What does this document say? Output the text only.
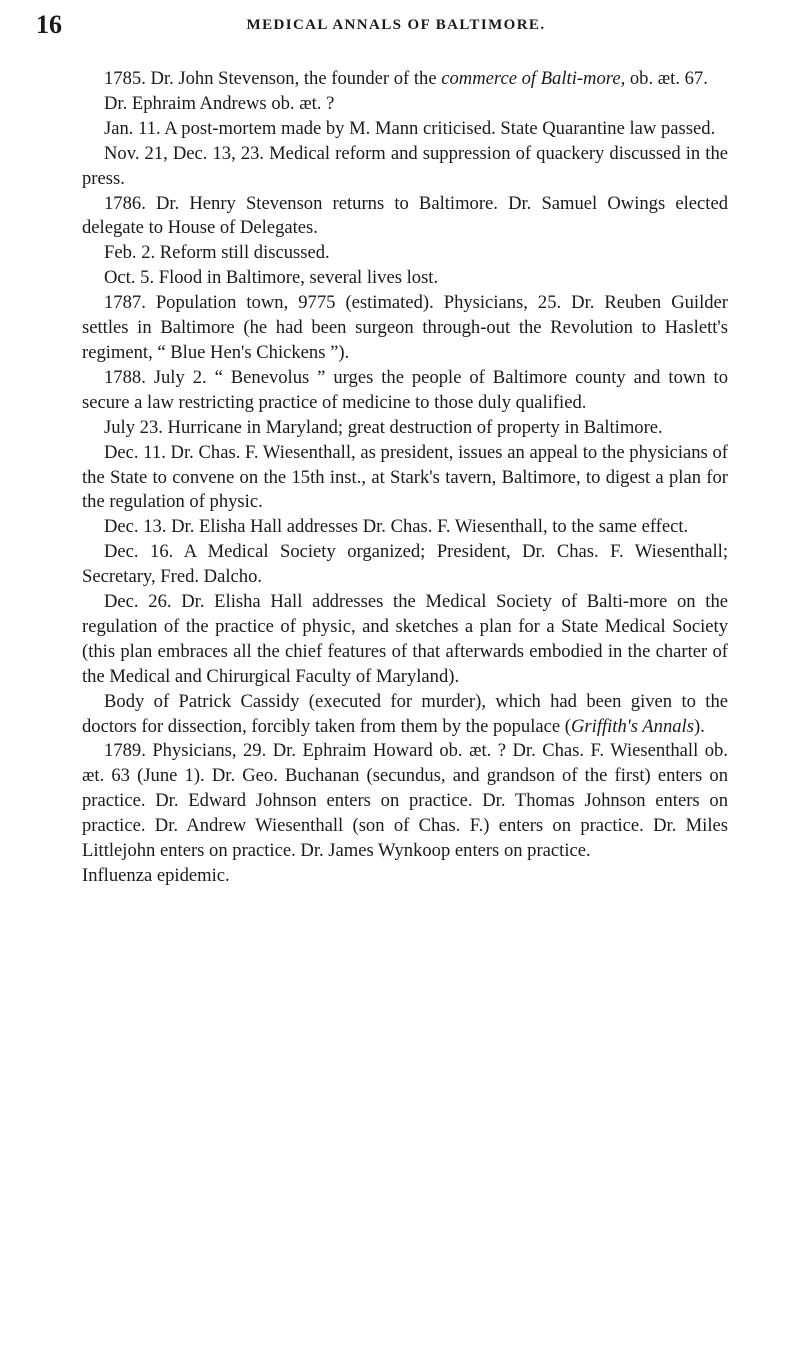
16	MEDICAL ANNALS OF BALTIMORE.

1785. Dr. John Stevenson, the founder of the commerce of Balti-more, ob. æt. 67.

Dr. Ephraim Andrews ob. æt. ?

Jan. 11. A post-mortem made by M. Mann criticised. State Quarantine law passed.

Nov. 21, Dec. 13, 23. Medical reform and suppression of quackery discussed in the press.

1786. Dr. Henry Stevenson returns to Baltimore. Dr. Samuel Owings elected delegate to House of Delegates.

Feb. 2. Reform still discussed.

Oct. 5. Flood in Baltimore, several lives lost.

1787. Population town, 9775 (estimated). Physicians, 25. Dr. Reuben Guilder settles in Baltimore (he had been surgeon through-out the Revolution to Haslett's regiment, “ Blue Hen's Chickens ”).

1788. July 2. “ Benevolus ” urges the people of Baltimore county and town to secure a law restricting practice of medicine to those duly qualified.

July 23. Hurricane in Maryland; great destruction of property in Baltimore.

Dec. 11. Dr. Chas. F. Wiesenthall, as president, issues an appeal to the physicians of the State to convene on the 15th inst., at Stark's tavern, Baltimore, to digest a plan for the regulation of physic.

Dec. 13. Dr. Elisha Hall addresses Dr. Chas. F. Wiesenthall, to the same effect.

Dec. 16. A Medical Society organized; President, Dr. Chas. F. Wiesenthall; Secretary, Fred. Dalcho.

Dec. 26. Dr. Elisha Hall addresses the Medical Society of Balti-more on the regulation of the practice of physic, and sketches a plan for a State Medical Society (this plan embraces all the chief features of that afterwards embodied in the charter of the Medical and Chirurgical Faculty of Maryland).

Body of Patrick Cassidy (executed for murder), which had been given to the doctors for dissection, forcibly taken from them by the populace (Griffith's Annals).

1789. Physicians, 29. Dr. Ephraim Howard ob. æt. ? Dr. Chas. F. Wiesenthall ob. æt. 63 (June 1). Dr. Geo. Buchanan (secundus, and grandson of the first) enters on practice. Dr. Edward Johnson enters on practice. Dr. Thomas Johnson enters on practice. Dr. Andrew Wiesenthall (son of Chas. F.) enters on practice. Dr. Miles Littlejohn enters on practice. Dr. James Wynkoop enters on practice.

Influenza epidemic.
